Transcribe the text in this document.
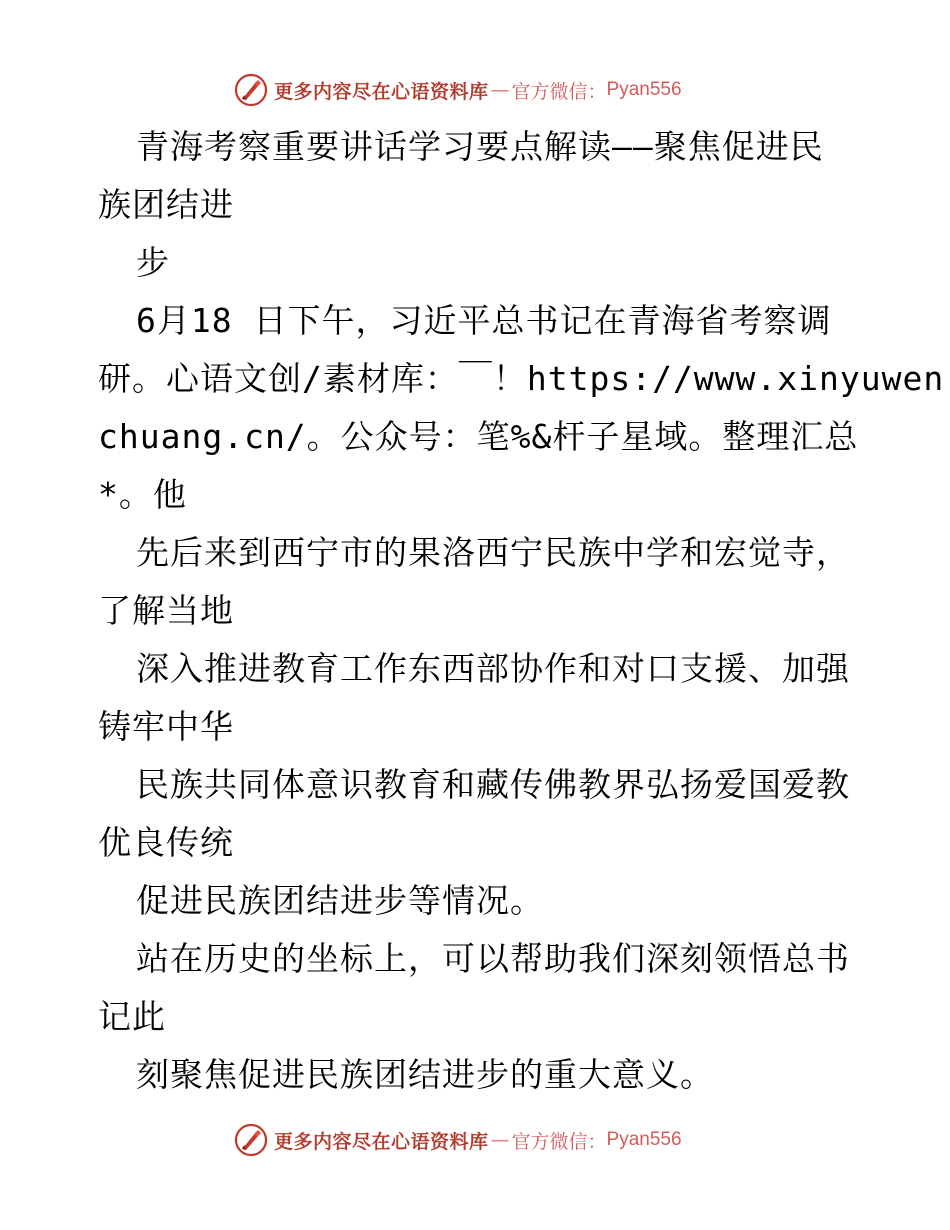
更多内容尽在心语资料库 — 官方微信： Pyan556
青海考察重要讲话学习要点解读——聚焦促进民
族团结进
步
6月18 日下午，习近平总书记在青海省考察调
研。心语文创/素材库：￣！https://www.xinyuwen
chuang.cn/。公众号：笔%&杆子星域。整理汇总
*。他
先后来到西宁市的果洛西宁民族中学和宏觉寺，
了解当地
深入推进教育工作东西部协作和对口支援、加强
铸牢中华
民族共同体意识教育和藏传佛教界弘扬爱国爱教
优良传统
促进民族团结进步等情况。
站在历史的坐标上，可以帮助我们深刻领悟总书
记此
刻聚焦促进民族团结进步的重大意义。
更多内容尽在心语资料库 — 官方微信： Pyan556
